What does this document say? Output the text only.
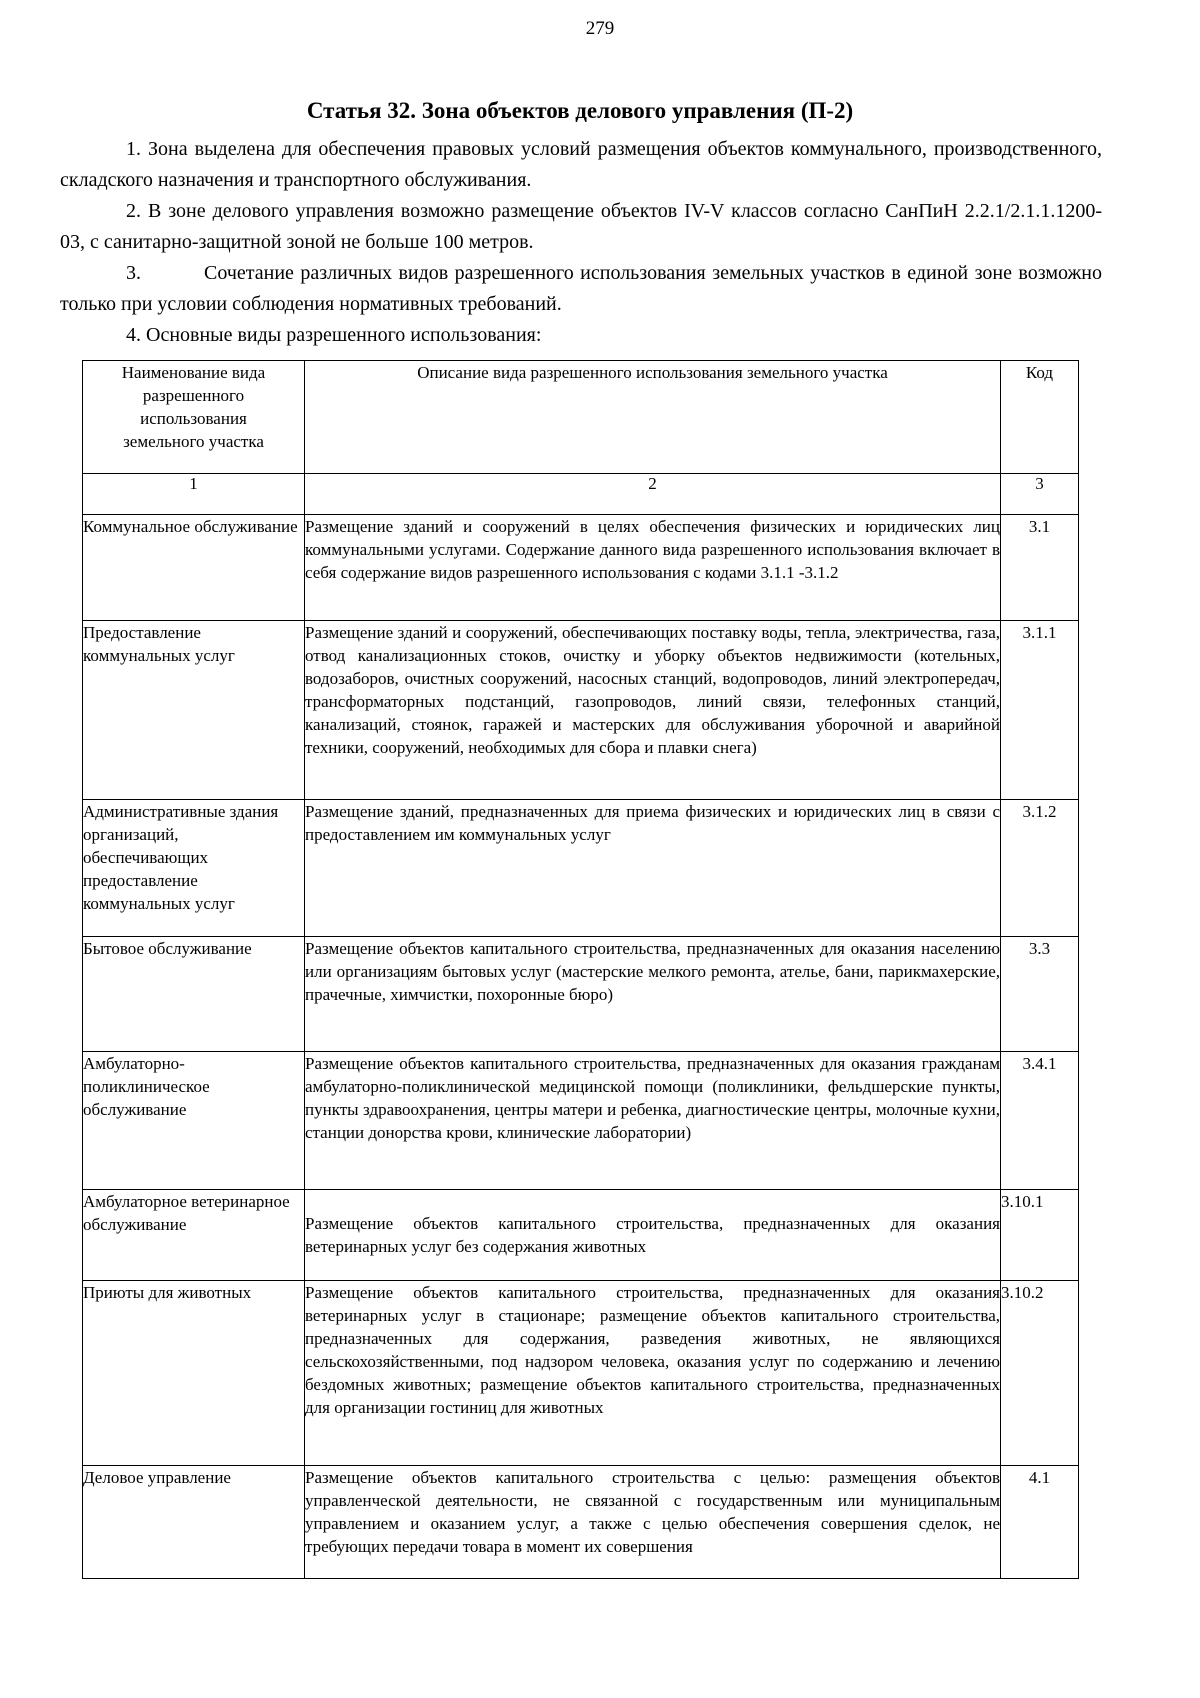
279
Статья 32. Зона объектов делового управления (П-2)

1. Зона выделена для обеспечения правовых условий размещения объектов коммунального, производственного, складского назначения и транспортного обслуживания.

2. В зоне делового управления возможно размещение объектов IV-V классов согласно СанПиН 2.2.1/2.1.1.1200-03, с санитарно-защитной зоной не больше 100 метров.

3.	Сочетание различных видов разрешенного использования земельных участков в единой зоне возможно только при условии соблюдения нормативных требований.

4. Основные виды разрешенного использования:

Наименование вида разрешенного использования земельного участка	Описание вида разрешенного использования земельного участка	Код
1	2	3
Коммунальное обслуживание	Размещение зданий и сооружений в целях обеспечения физических и юридических лиц коммунальными услугами. Содержание данного вида разрешенного использования включает в себя содержание видов разрешенного использования с кодами 3.1.1 -3.1.2	3.1
Предоставление коммунальных услуг	Размещение зданий и сооружений, обеспечивающих поставку воды, тепла, электричества, газа, отвод канализационных стоков, очистку и уборку объектов недвижимости (котельных, водозаборов, очистных сооружений, насосных станций, водопроводов, линий электропередач, трансформаторных подстанций, газопроводов, линий связи, телефонных станций, канализаций, стоянок, гаражей и мастерских для обслуживания уборочной и аварийной техники, сооружений, необходимых для сбора и плавки снега)	3.1.1
Административные здания организаций, обеспечивающих предоставление коммунальных услуг	Размещение зданий, предназначенных для приема физических и юридических лиц в связи с предоставлением им коммунальных услуг	3.1.2
Бытовое обслуживание	Размещение объектов капитального строительства, предназначенных для оказания населению или организациям бытовых услуг (мастерские мелкого ремонта, ателье, бани, парикмахерские, прачечные, химчистки, похоронные бюро)	3.3
Амбулаторно-поликлиническое обслуживание	Размещение объектов капитального строительства, предназначенных для оказания гражданам амбулаторно-поликлинической медицинской помощи (поликлиники, фельдшерские пункты, пункты здравоохранения, центры матери и ребенка, диагностические центры, молочные кухни, станции донорства крови, клинические лаборатории)	3.4.1
Амбулаторное ветеринарное обслуживание	Размещение объектов капитального строительства, предназначенных для оказания ветеринарных услуг без содержания животных	3.10.1
Приюты для животных	Размещение объектов капитального строительства, предназначенных для оказания ветеринарных услуг в стационаре; размещение объектов капитального строительства, предназначенных для содержания, разведения животных, не являющихся сельскохозяйственными, под надзором человека, оказания услуг по содержанию и лечению бездомных животных; размещение объектов капитального строительства, предназначенных для организации гостиниц для животных	3.10.2
Деловое управление	Размещение объектов капитального строительства с целью: размещения объектов управленческой деятельности, не связанной с государственным или муниципальным управлением и оказанием услуг, а также с целью обеспечения совершения сделок, не требующих передачи товара в момент их совершения	4.1
